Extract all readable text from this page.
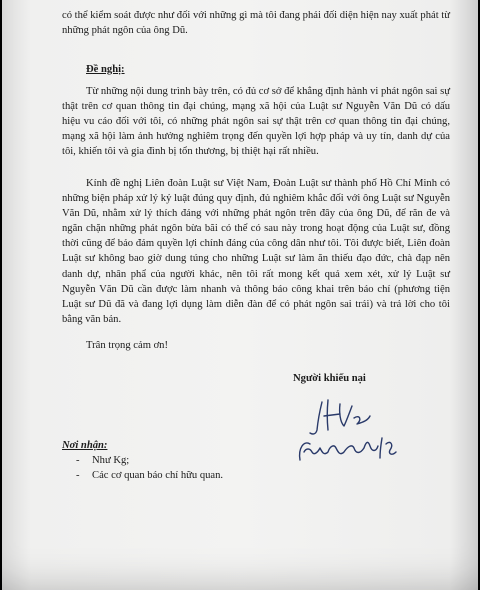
có thể kiểm soát được như đối với những gì mà tôi đang phải đối diện hiện nay xuất phát từ những phát ngôn của ông Dũ.
Đề nghị:
Từ những nội dung trình bày trên, có đủ cơ sở để khẳng định hành vi phát ngôn sai sự thật trên cơ quan thông tin đại chúng, mạng xã hội của Luật sư Nguyễn Văn Dũ có dấu hiệu vu cáo đối với tôi, có những phát ngôn sai sự thật trên cơ quan thông tin đại chúng, mạng xã hội làm ảnh hưởng nghiêm trọng đến quyền lợi hợp pháp và uy tín, danh dự của tôi, khiến tôi và gia đình bị tổn thương, bị thiệt hại rất nhiều.
Kính đề nghị Liên đoàn Luật sư Việt Nam, Đoàn Luật sư thành phố Hồ Chí Minh có những biện pháp xử lý kỷ luật đúng quy định, đủ nghiêm khắc đối với ông Luật sư Nguyễn Văn Dũ, nhằm xử lý thích đáng với những phát ngôn trên đây của ông Dũ, để răn đe và ngăn chặn những phát ngôn bừa bãi có thể có sau này trong hoạt động của Luật sư, đồng thời cũng để bảo đảm quyền lợi chính đáng của công dân như tôi. Tôi được biết, Liên đoàn Luật sư không bao giờ dung túng cho những Luật sư làm ăn thiếu đạo đức, chà đạp nên danh dự, nhân phẩ của người khác, nên tôi rất mong kết quả xem xét, xử lý Luật sư Nguyễn Văn Dũ cần được làm nhanh và thông báo công khai trên báo chí (phương tiện Luật sư Dũ đã và đang lợi dụng làm diễn đàn để có phát ngôn sai trái) và trả lời cho tôi bằng văn bản.
Trân trọng cảm ơn!
Người khiếu nại
Nơi nhận:
- Như Kg;
- Các cơ quan báo chí hữu quan.
